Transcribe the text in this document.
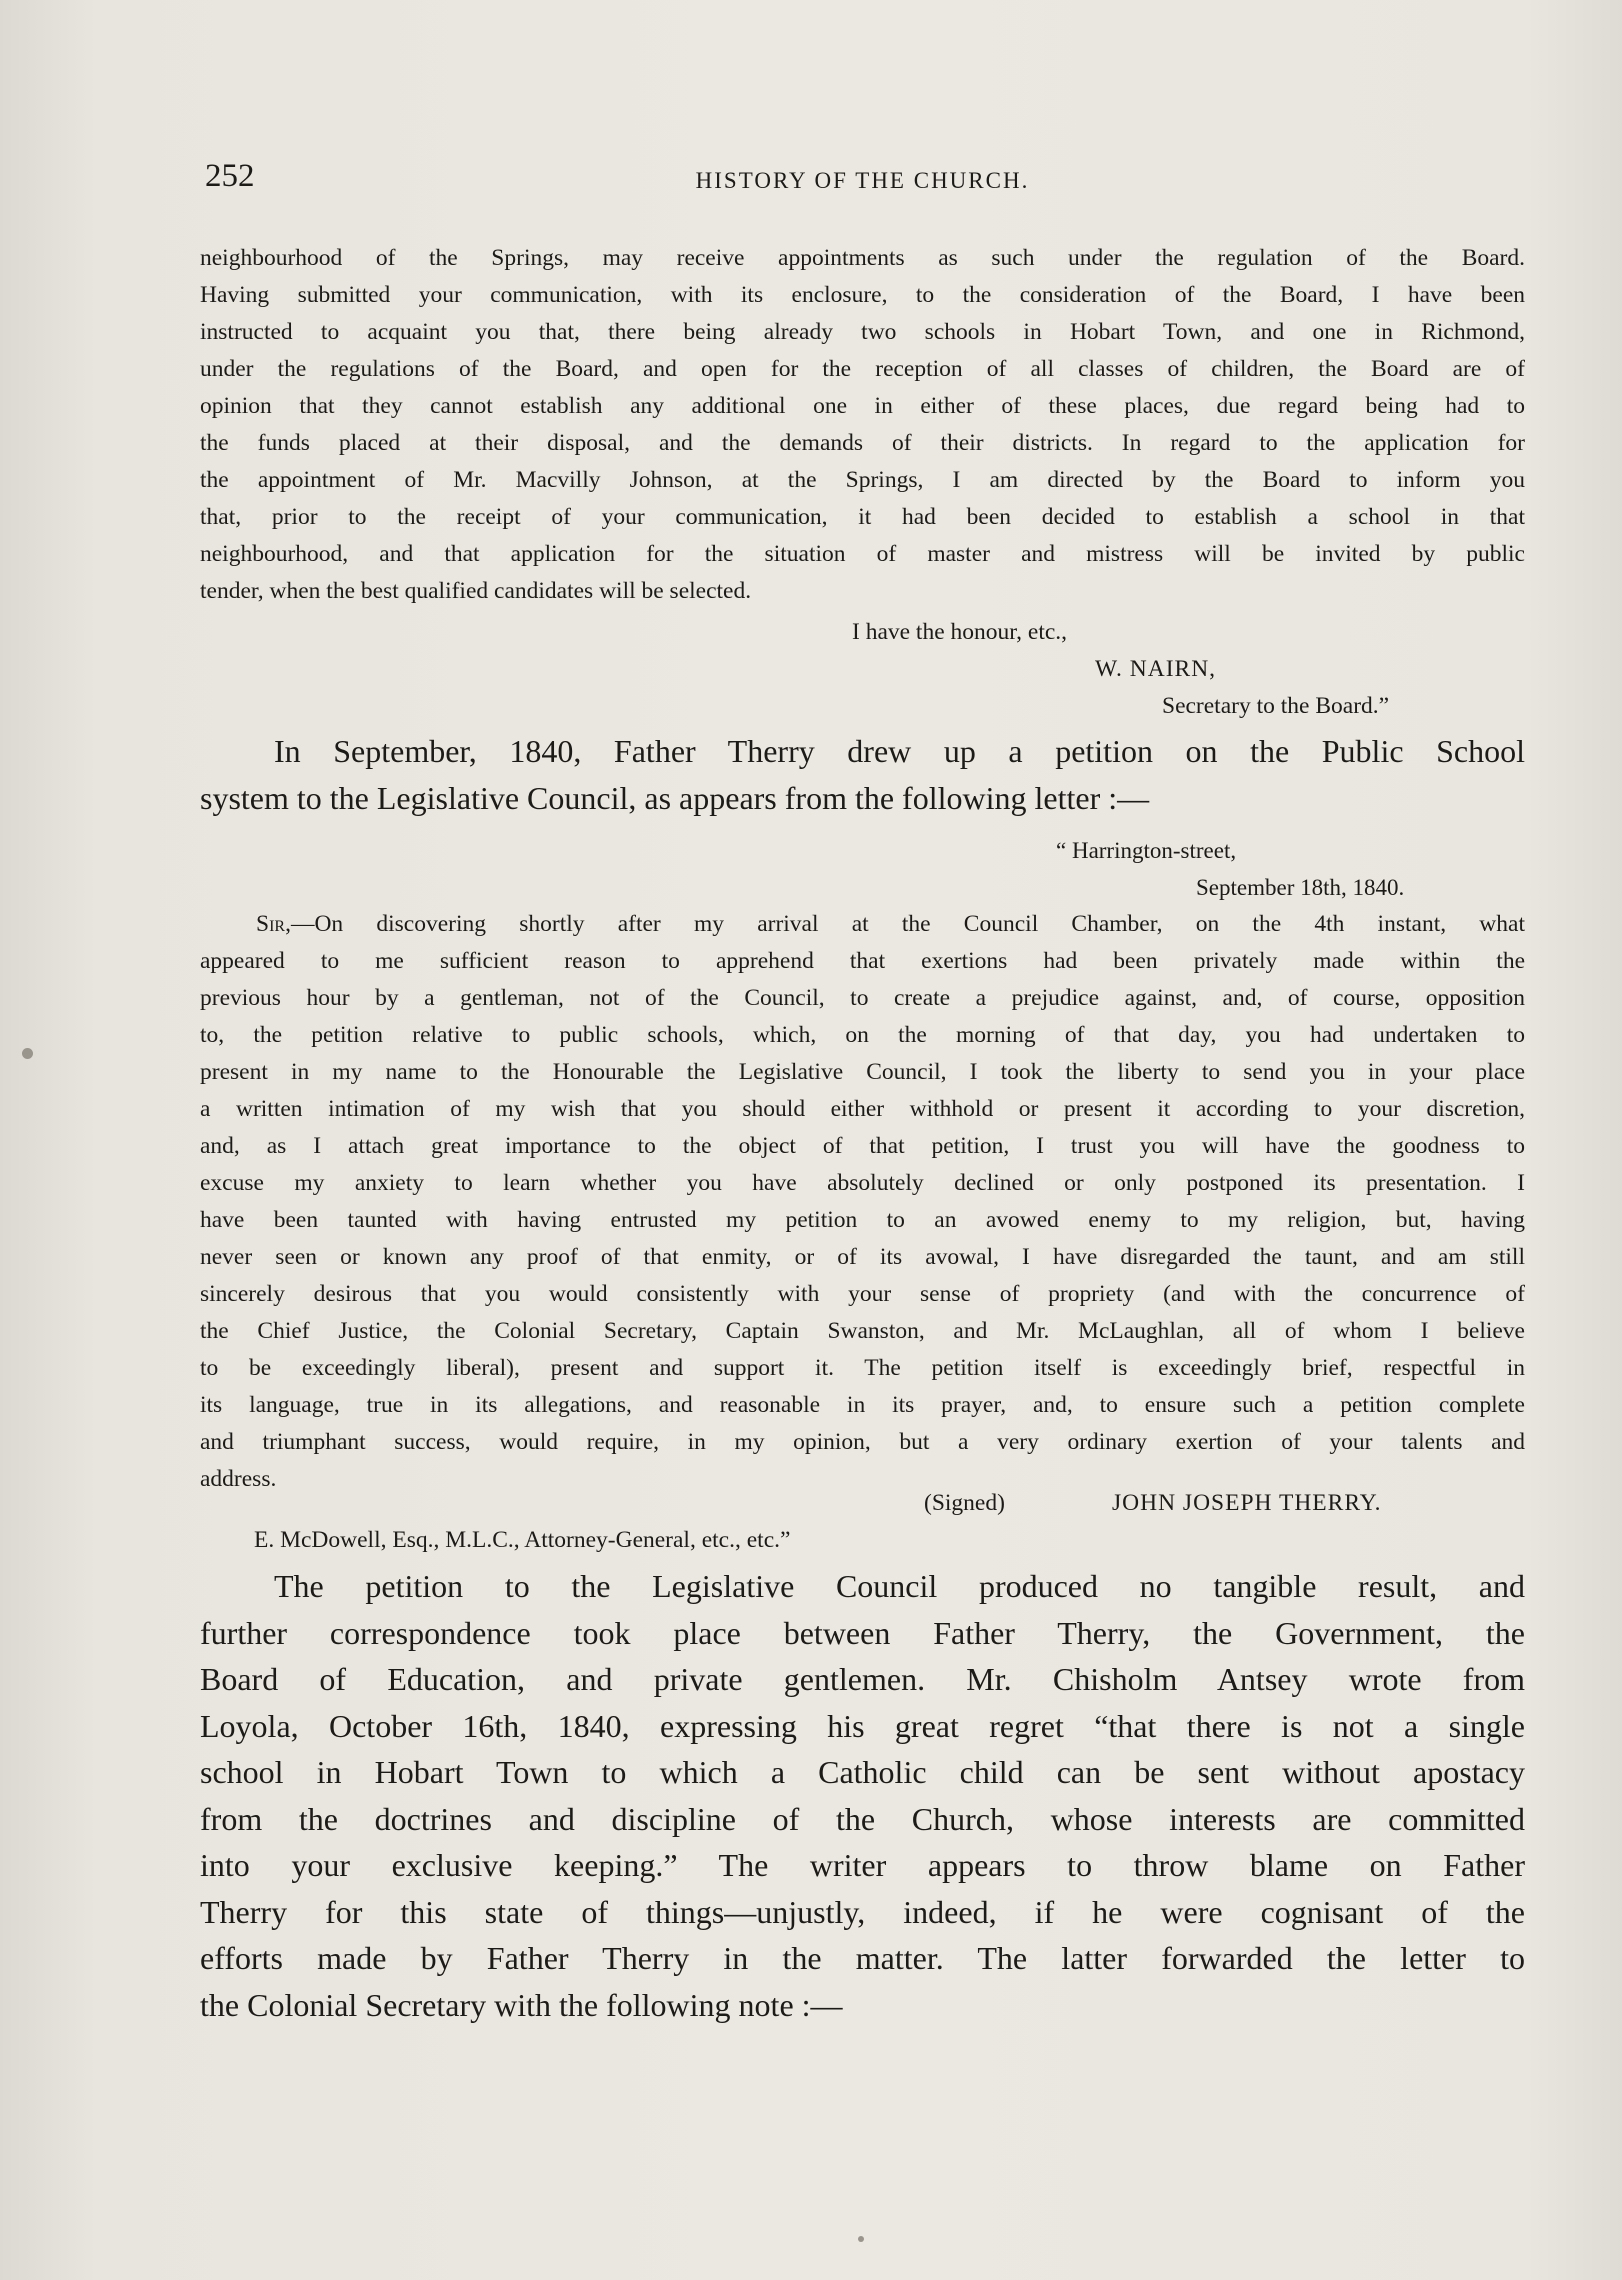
252	HISTORY OF THE CHURCH.
neighbourhood of the Springs, may receive appointments as such under the regulation of the Board.
Having submitted your communication, with its enclosure, to the consideration of the Board, I have been
instructed to acquaint you that, there being already two schools in Hobart Town, and one in Richmond,
under the regulations of the Board, and open for the reception of all classes of children, the Board are of
opinion that they cannot establish any additional one in either of these places, due regard being had to
the funds placed at their disposal, and the demands of their districts. In regard to the application for
the appointment of Mr. Macvilly Johnson, at the Springs, I am directed by the Board to inform you
that, prior to the receipt of your communication, it had been decided to establish a school in that
neighbourhood, and that application for the situation of master and mistress will be invited by public
tender, when the best qualified candidates will be selected.
I have the honour, etc.,
W. NAIRN,
Secretary to the Board.”

In September, 1840, Father Therry drew up a petition on the Public School

system to the Legislative Council, as appears from the following letter :—

“ Harrington-street,
September 18th, 1840.
Sir,—On discovering shortly after my arrival at the Council Chamber, on the 4th instant, what
appeared to me sufficient reason to apprehend that exertions had been privately made within the
previous hour by a gentleman, not of the Council, to create a prejudice against, and, of course, opposition
to, the petition relative to public schools, which, on the morning of that day, you had undertaken to
present in my name to the Honourable the Legislative Council, I took the liberty to send you in your place
a written intimation of my wish that you should either withhold or present it according to your discretion,
and, as I attach great importance to the object of that petition, I trust you will have the goodness to
excuse my anxiety to learn whether you have absolutely declined or only postponed its presentation. I
have been taunted with having entrusted my petition to an avowed enemy to my religion, but, having
never seen or known any proof of that enmity, or of its avowal, I have disregarded the taunt, and am still
sincerely desirous that you would consistently with your sense of propriety (and with the concurrence of
the Chief Justice, the Colonial Secretary, Captain Swanston, and Mr. McLaughlan, all of whom I believe
to be exceedingly liberal), present and support it. The petition itself is exceedingly brief, respectful in
its language, true in its allegations, and reasonable in its prayer, and, to ensure such a petition complete
and triumphant success, would require, in my opinion, but a very ordinary exertion of your talents and
address.
(Signed)	JOHN JOSEPH THERRY.
E. McDowell, Esq., M.L.C., Attorney-General, etc., etc.”

The petition to the Legislative Council produced no tangible result, and

further correspondence took place between Father Therry, the Government, the

Board of Education, and private gentlemen. Mr. Chisholm Antsey wrote from

Loyola, October 16th, 1840, expressing his great regret “that there is not a single

school in Hobart Town to which a Catholic child can be sent without apostacy

from the doctrines and discipline of the Church, whose interests are committed

into your exclusive keeping.” The writer appears to throw blame on Father

Therry for this state of things—unjustly, indeed, if he were cognisant of the

efforts made by Father Therry in the matter. The latter forwarded the letter to

the Colonial Secretary with the following note :—
